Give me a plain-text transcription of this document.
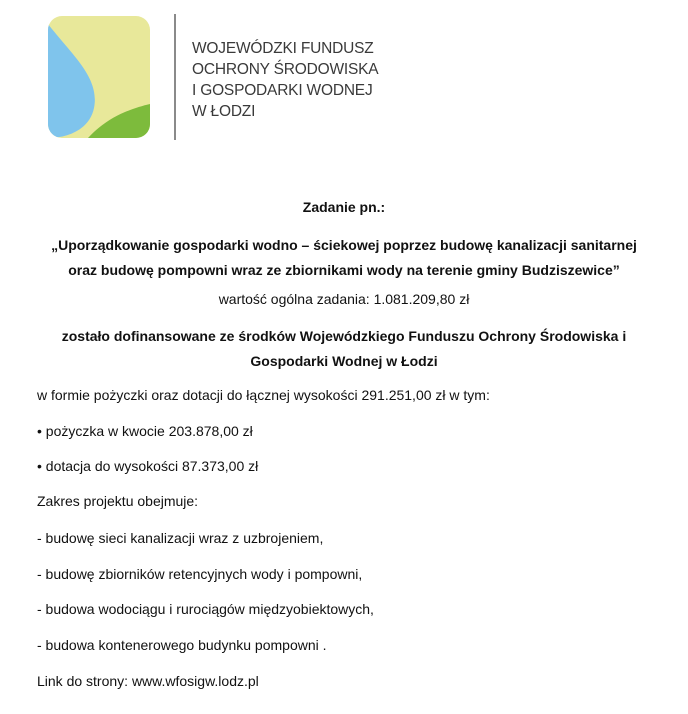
WOJEWÓDZKI FUNDUSZ
OCHRONY ŚRODOWISKA
I GOSPODARKI WODNEJ
W ŁODZI
Zadanie pn.:
„Uporządkowanie gospodarki wodno – ściekowej poprzez budowę kanalizacji sanitarnej
oraz budowę pompowni wraz ze zbiornikami wody na terenie gminy Budziszewice”
wartość ogólna zadania: 1.081.209,80 zł
zostało dofinansowane ze środków Wojewódzkiego Funduszu Ochrony Środowiska i
Gospodarki Wodnej w Łodzi
w formie pożyczki oraz dotacji do łącznej wysokości 291.251,00 zł w tym:
• pożyczka w kwocie 203.878,00 zł
• dotacja do wysokości 87.373,00 zł
Zakres projektu obejmuje:
- budowę sieci kanalizacji wraz z uzbrojeniem,
- budowę zbiorników retencyjnych wody i pompowni,
- budowa wodociągu i rurociągów międzyobiektowych,
- budowa kontenerowego budynku pompowni .
Link do strony: www.wfosigw.lodz.pl
